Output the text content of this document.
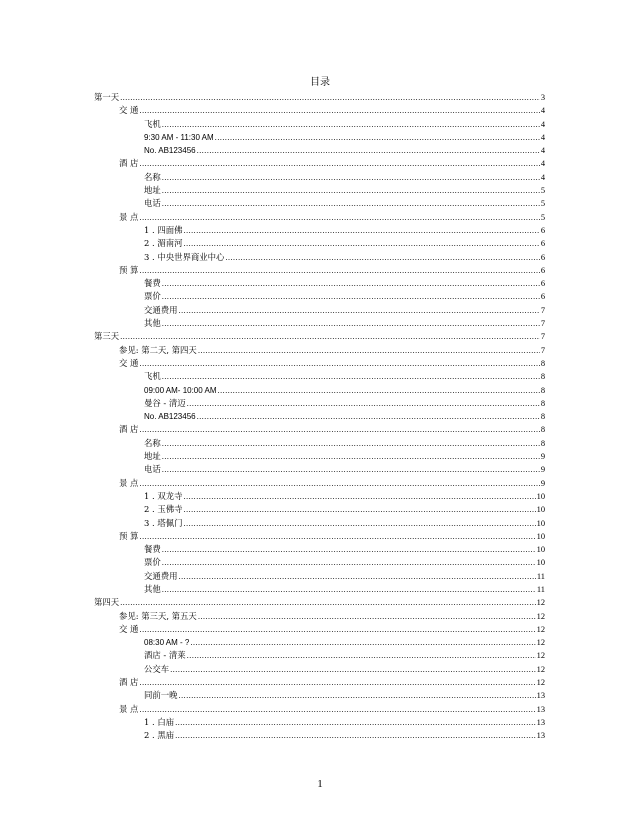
目录
第一天 .....	3
交 通 .....	4
飞机 .....	4
9:30 AM - 11:30 AM .....	4
No. AB123456 .....	4
酒 店 .....	4
名称 .....	4
地址 .....	5
电话 .....	5
景 点 .....	5
1 . 四面佛 .....	6
2 . 湄南河 .....	6
3 . 中央世界商业中心 .....	6
预 算 .....	6
餐费 .....	6
票价 .....	6
交通费用 .....	7
其他 .....	7
第三天 .....	7
参见: 第二天, 第四天 .....	7
交 通 .....	8
飞机 .....	8
09:00 AM- 10:00 AM .....	8
曼谷 - 清迈 .....	8
No. AB123456 .....	8
酒 店 .....	8
名称 .....	8
地址 .....	9
电话 .....	9
景 点 .....	9
1 . 双龙寺 .....	10
2 . 玉佛寺 .....	10
3 . 塔佩门 .....	10
预 算 .....	10
餐费 .....	10
票价 .....	10
交通费用 .....	11
其他 .....	11
第四天 .....	12
参见: 第三天, 第五天 .....	12
交 通 .....	12
08:30 AM - ? .....	12
酒店 - 清莱 .....	12
公交车 .....	12
酒 店 .....	12
同前一晚 .....	13
景 点 .....	13
1 . 白庙 .....	13
2 . 黑庙 .....	13
1
